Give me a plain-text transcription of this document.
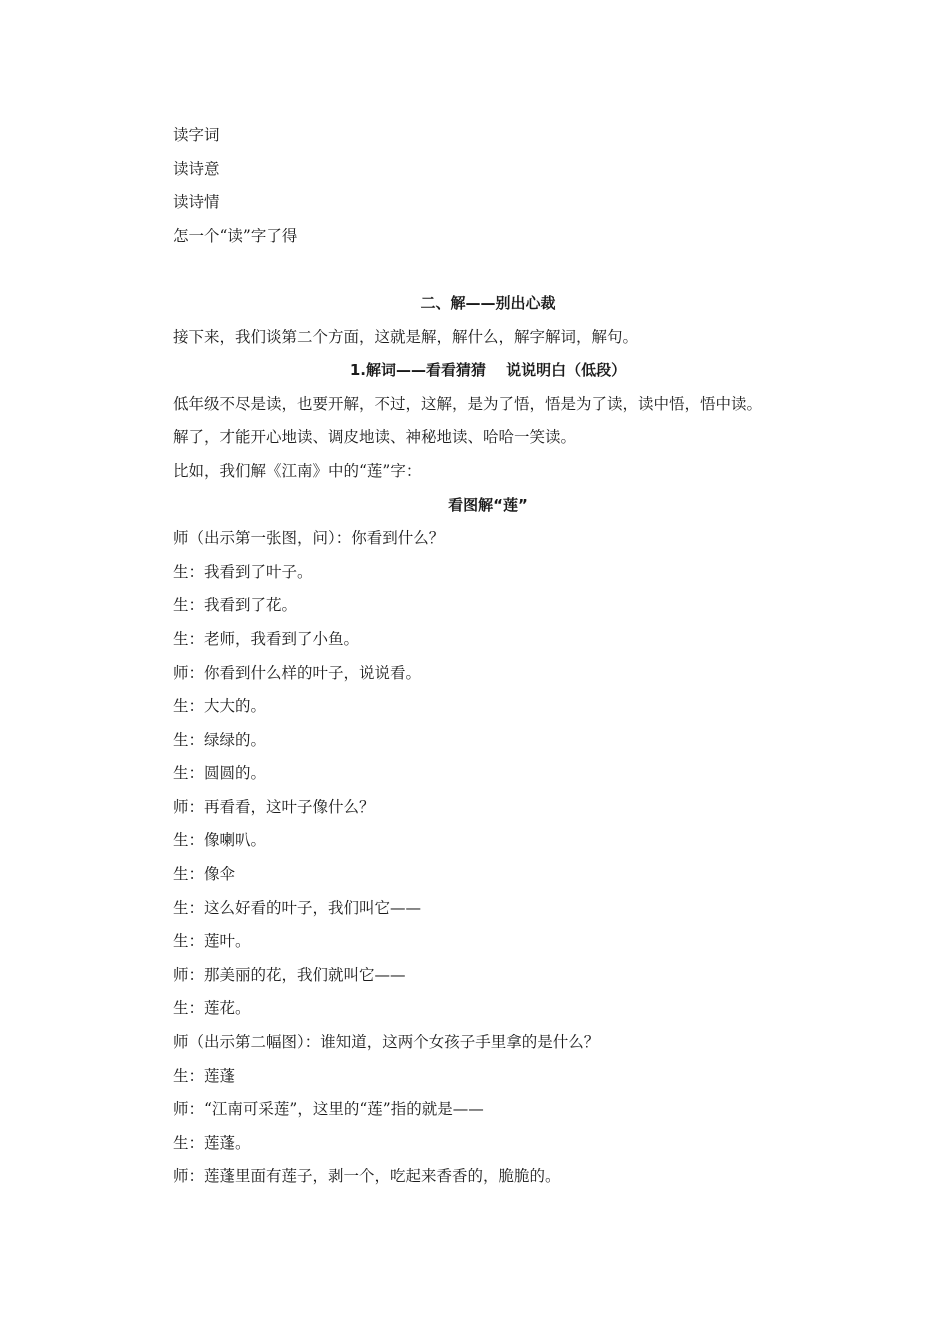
读字词
读诗意
读诗情
怎一个“读”字了得
二、解——别出心裁
接下来，我们谈第二个方面，这就是解，解什么，解字解词，解句。
1.解词——看看猜猜　 说说明白（低段）
低年级不尽是读，也要开解，不过，这解，是为了悟，悟是为了读，读中悟，悟中读。
解了，才能开心地读、调皮地读、神秘地读、哈哈一笑读。
比如，我们解《江南》中的“莲”字：
看图解“莲”
师（出示第一张图，问）：你看到什么？
生：我看到了叶子。
生：我看到了花。
生：老师，我看到了小鱼。
师：你看到什么样的叶子，说说看。
生：大大的。
生：绿绿的。
生：圆圆的。
师：再看看，这叶子像什么？
生：像喇叭。
生：像伞
生：这么好看的叶子，我们叫它——
生：莲叶。
师：那美丽的花，我们就叫它——
生：莲花。
师（出示第二幅图）：谁知道，这两个女孩子手里拿的是什么？
生：莲蓬
师：“江南可采莲”，这里的“莲”指的就是——
生：莲蓬。
师：莲蓬里面有莲子，剥一个，吃起来香香的，脆脆的。
